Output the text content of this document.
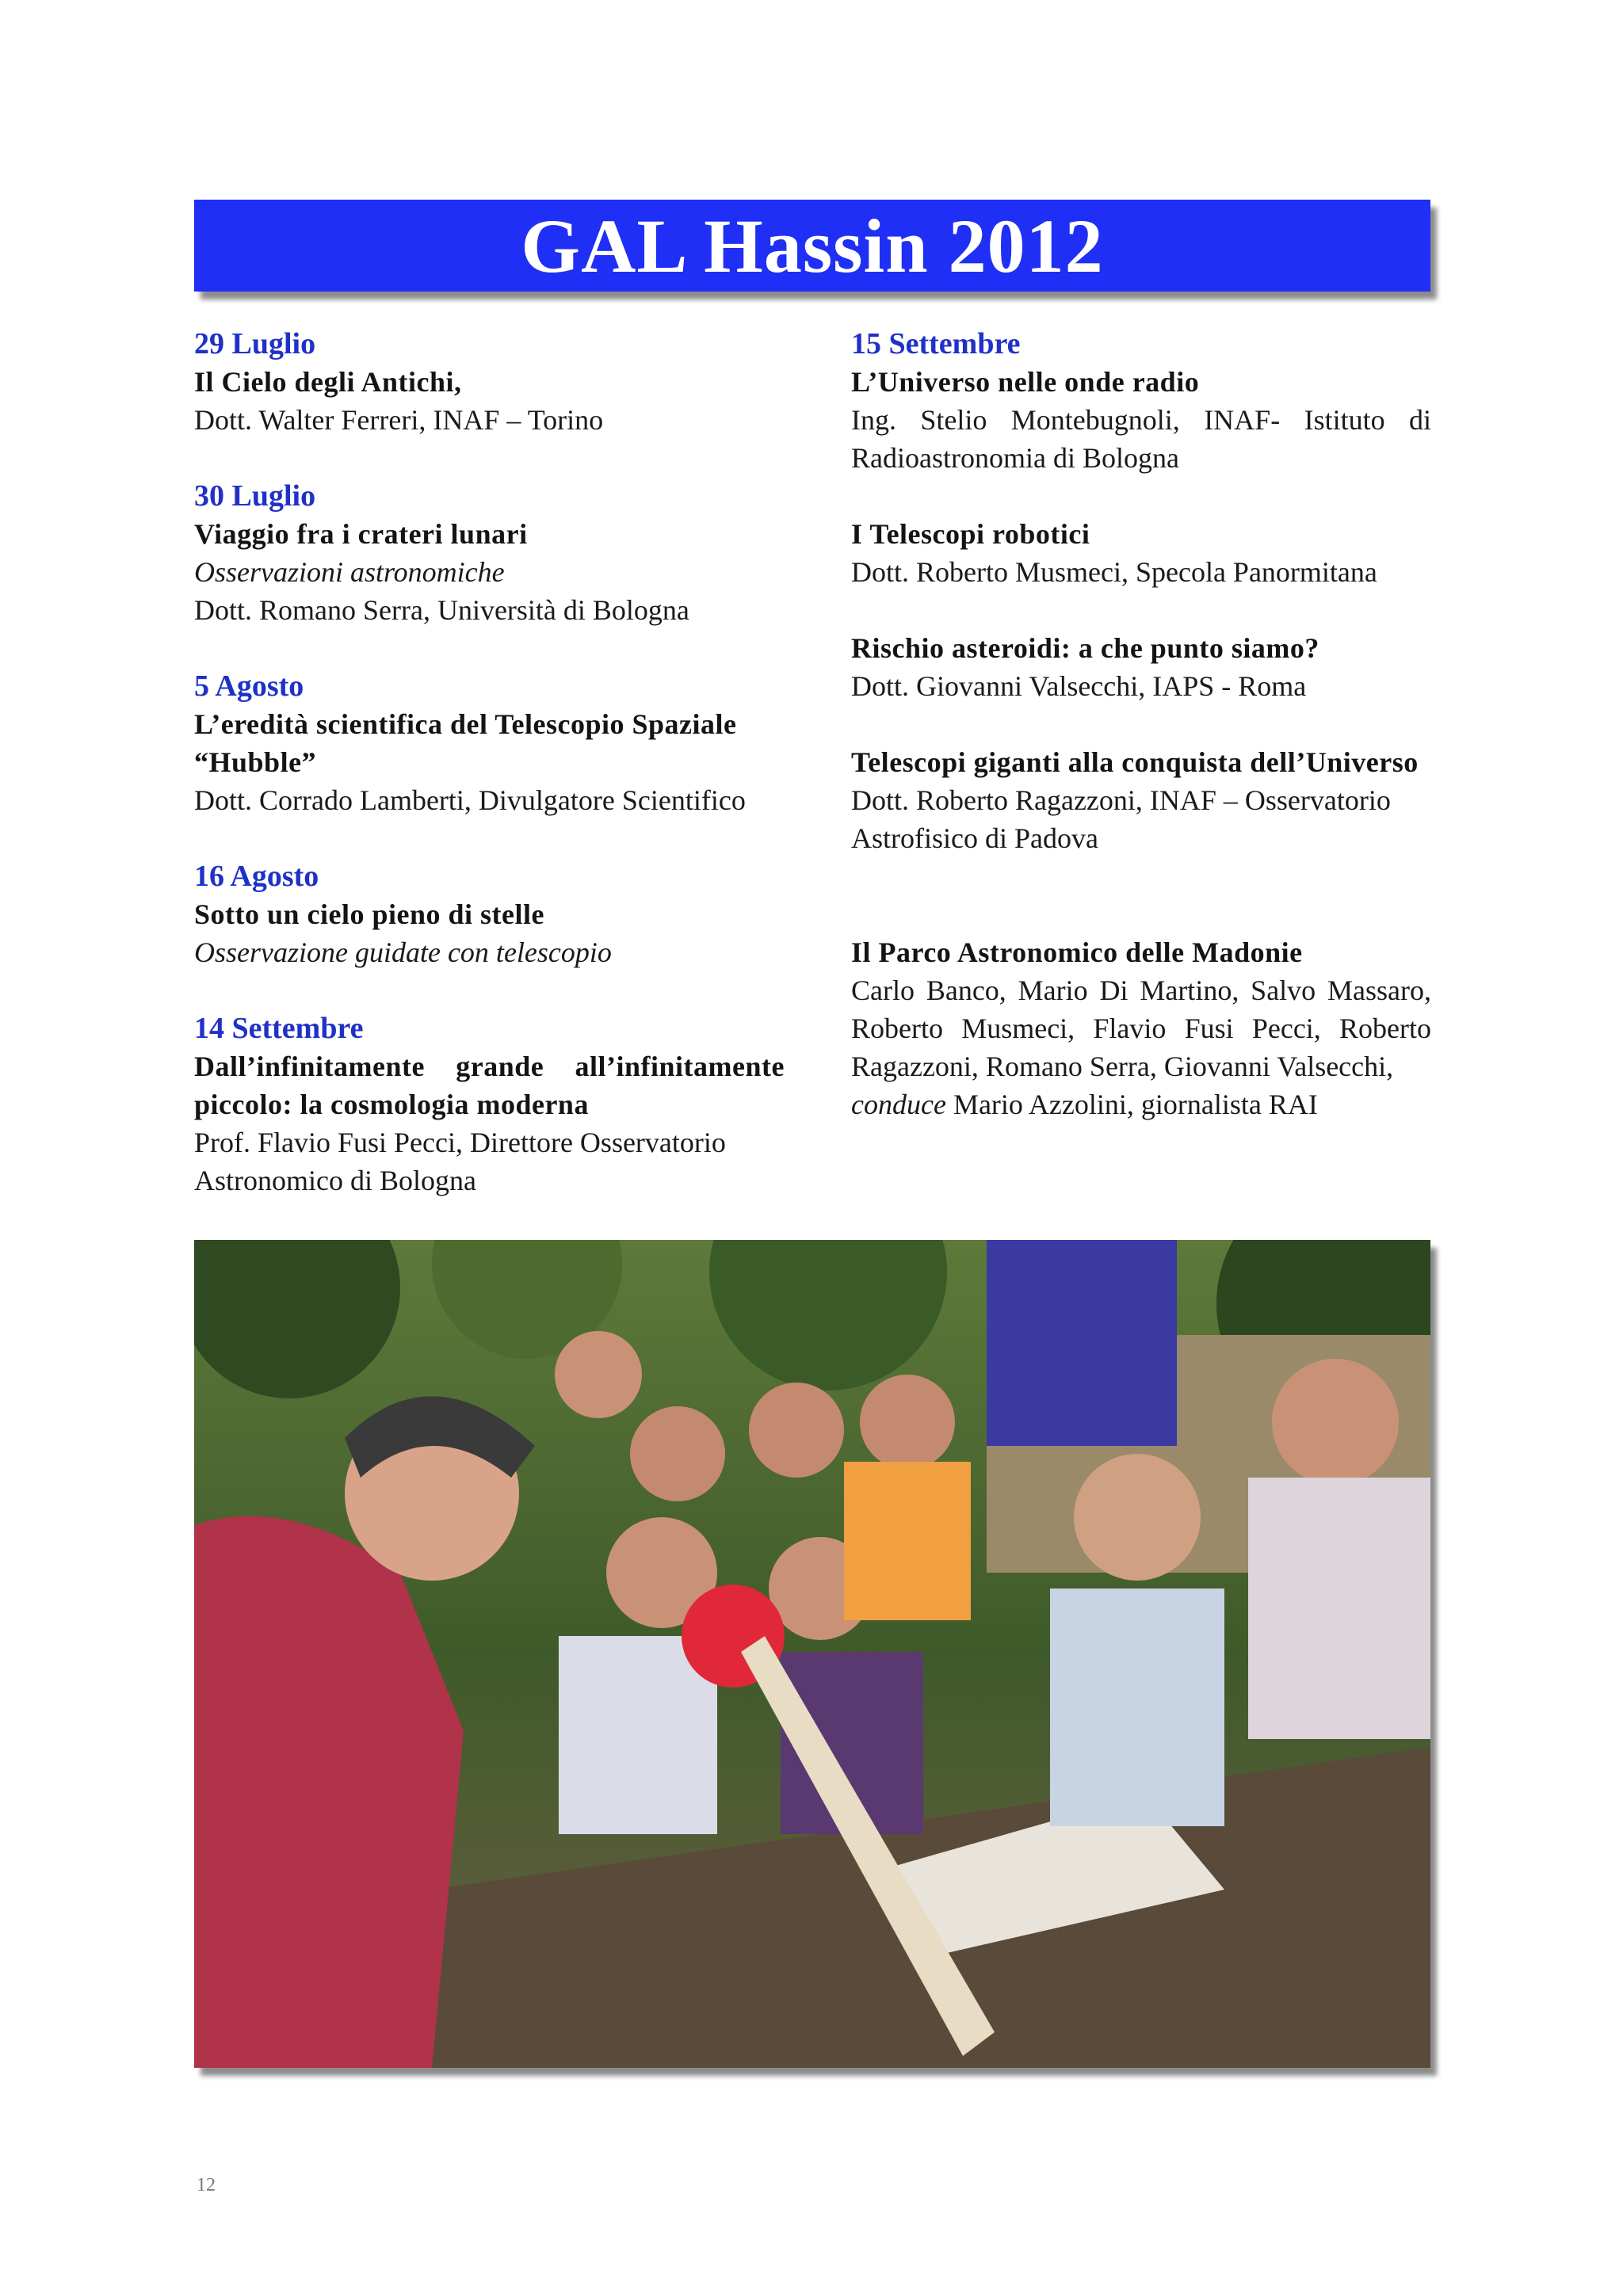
GAL Hassin 2012
29 Luglio
Il Cielo degli Antichi,
Dott. Walter Ferreri, INAF – Torino
30 Luglio
Viaggio fra i crateri lunari
Osservazioni astronomiche
Dott. Romano Serra, Università di Bologna
5 Agosto
L’eredità scientifica del Telescopio Spaziale “Hubble”
Dott. Corrado Lamberti, Divulgatore Scientifico
16 Agosto
Sotto un cielo pieno di stelle
Osservazione guidate con telescopio
14 Settembre
Dall’infinitamente grande all’infinitamente piccolo: la cosmologia moderna
Prof. Flavio Fusi Pecci, Direttore Osservatorio Astronomico di Bologna
15 Settembre
L’Universo nelle onde radio
Ing. Stelio Montebugnoli, INAF- Istituto di Radioastronomia di Bologna
I Telescopi robotici
Dott. Roberto Musmeci, Specola Panormitana
Rischio asteroidi: a che punto siamo?
Dott. Giovanni Valsecchi, IAPS - Roma
Telescopi giganti alla conquista dell’Universo
Dott. Roberto Ragazzoni, INAF – Osservatorio Astrofisico di Padova
Il Parco Astronomico delle Madonie
Carlo Banco, Mario Di Martino, Salvo Massaro, Roberto Musmeci, Flavio Fusi Pecci, Roberto Ragazzoni, Romano Serra, Giovanni Valsecchi,
conduce Mario Azzolini, giornalista RAI
12
